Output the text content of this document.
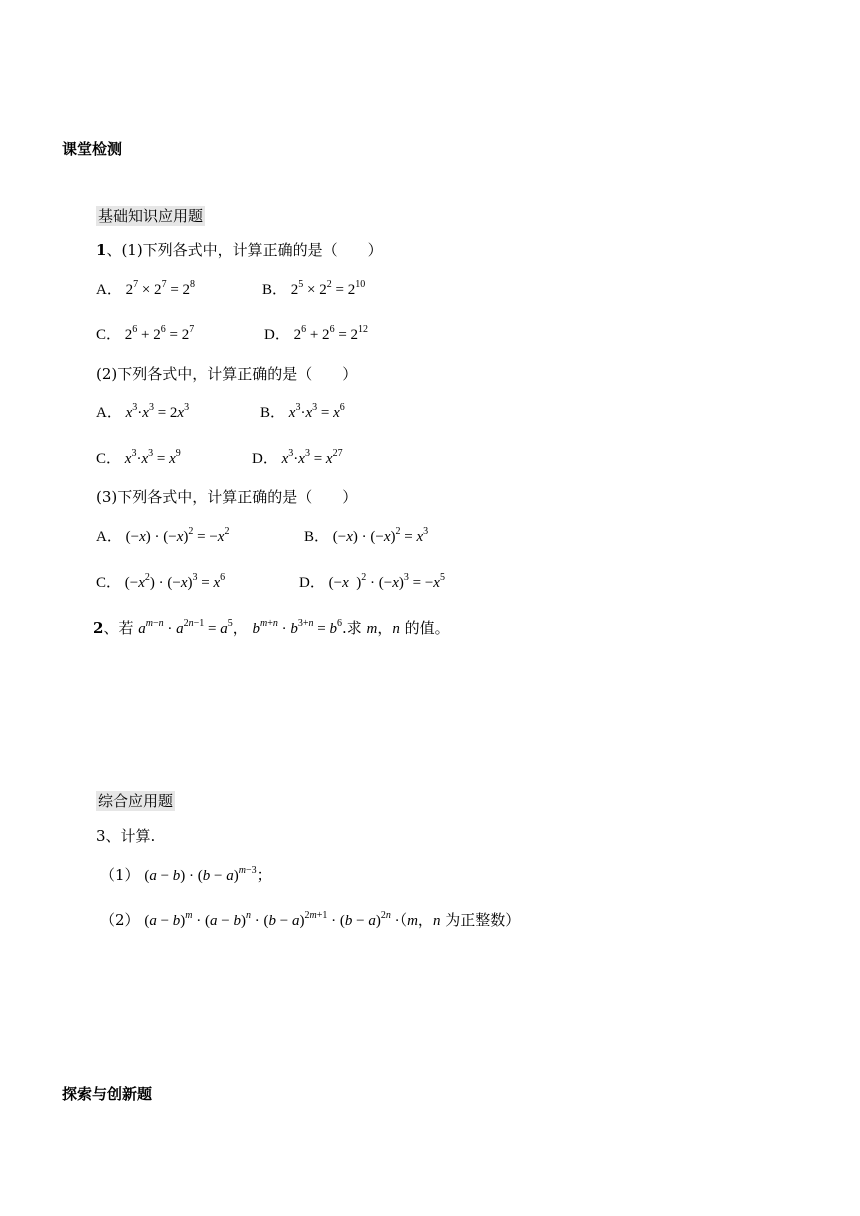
课堂检测
基础知识应用题
1、(1)下列各式中，计算正确的是（　　）
A． $2^7 \times 2^7 = 2^8$	B． $2^5 \times 2^2 = 2^{10}$
C． $2^6 + 2^6 = 2^7$	D． $2^6 + 2^6 = 2^{12}$
(2)下列各式中，计算正确的是（　　）
A． $x^3\cdot x^3 = 2x^3$	B． $x^3\cdot x^3 = x^6$
C． $x^3\cdot x^3 = x^9$	D． $x^3\cdot x^3 = x^{27}$
(3)下列各式中，计算正确的是（　　）
A． $(-x) \cdot (-x)^2 = -x^2$	B． $(-x) \cdot (-x)^2 = x^3$
C． $(-x^2) \cdot (-x)^3 = x^6$	D． (−x  )$^2 \cdot (-x)^3 = -x^5$
2、若 $a^{m-n} \cdot a^{2n-1} = a^5$， $b^{m+n} \cdot b^{3+n} = b^6$.求 m，n 的值。
综合应用题
3、计算.
（1） $(a - b) \cdot (b - a)^{m-3}$；
（2） $(a - b)^m \cdot (a - b)^n \cdot (b - a)^{2m+1} \cdot (b - a)^{2n} \cdot(m$，n 为正整数）
探索与创新题
